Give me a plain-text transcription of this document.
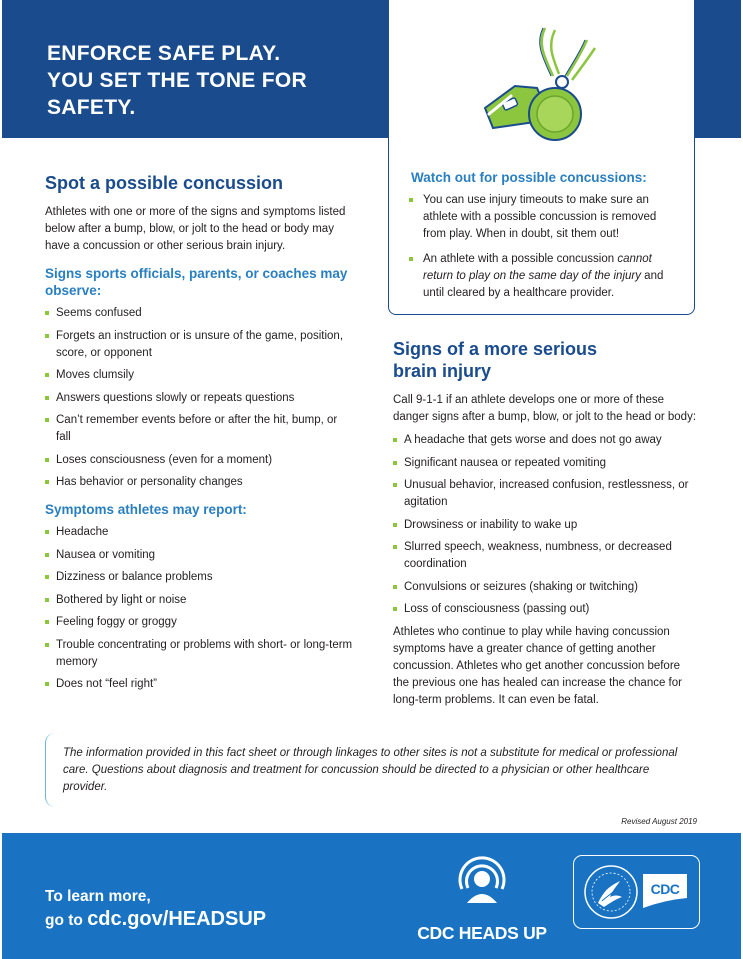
ENFORCE SAFE PLAY.
YOU SET THE TONE FOR
SAFETY.
Watch out for possible concussions:
You can use injury timeouts to make sure an athlete with a possible concussion is removed from play. When in doubt, sit them out!
An athlete with a possible concussion cannot return to play on the same day of the injury and until cleared by a healthcare provider.
Spot a possible concussion

Athletes with one or more of the signs and symptoms listed below after a bump, blow, or jolt to the head or body may have a concussion or other serious brain injury.

Signs sports officials, parents, or coaches may observe:
Seems confused
Forgets an instruction or is unsure of the game, position, score, or opponent
Moves clumsily
Answers questions slowly or repeats questions
Can’t remember events before or after the hit, bump, or fall
Loses consciousness (even for a moment)
Has behavior or personality changes
Symptoms athletes may report:
Headache
Nausea or vomiting
Dizziness or balance problems
Bothered by light or noise
Feeling foggy or groggy
Trouble concentrating or problems with short- or long-term memory
Does not “feel right”
Signs of a more serious
brain injury

Call 9-1-1 if an athlete develops one or more of these danger signs after a bump, blow, or jolt to the head or body:

A headache that gets worse and does not go away
Significant nausea or repeated vomiting
Unusual behavior, increased confusion, restlessness, or agitation
Drowsiness or inability to wake up
Slurred speech, weakness, numbness, or decreased coordination
Convulsions or seizures (shaking or twitching)
Loss of consciousness (passing out)

Athletes who continue to play while having concussion symptoms have a greater chance of getting another concussion. Athletes who get another concussion before the previous one has healed can increase the chance for long-term problems. It can even be fatal.

The information provided in this fact sheet or through linkages to other sites is not a substitute for medical or professional care. Questions about diagnosis and treatment for concussion should be directed to a physician or other healthcare provider.

Revised August 2019

To learn more,
go to cdc.gov/HEADSUP

CDC HEADS UP
CDC
